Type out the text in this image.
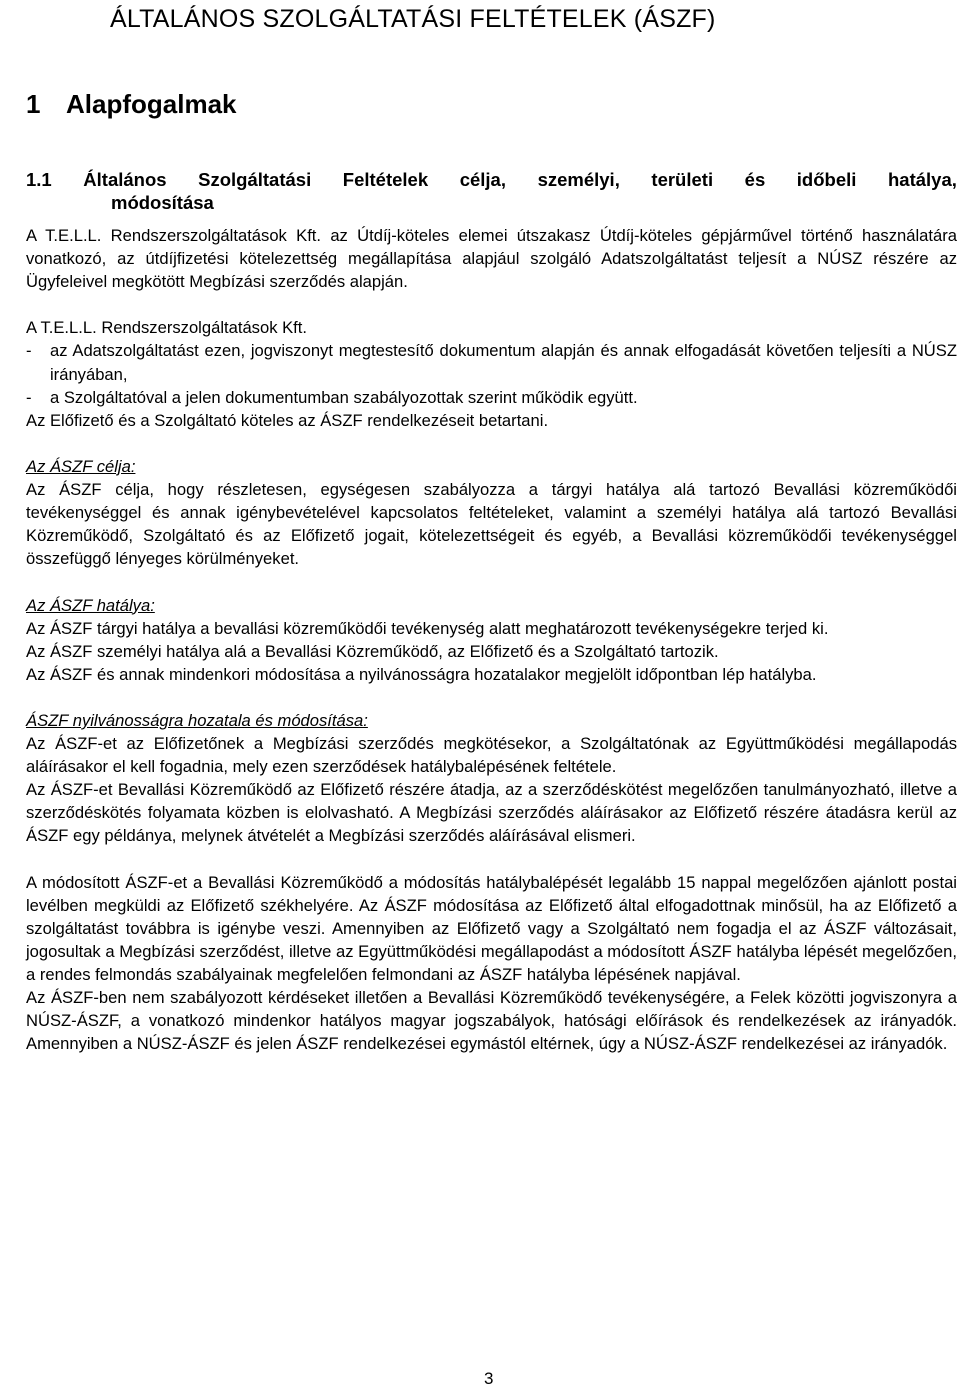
ÁLTALÁNOS SZOLGÁLTATÁSI FELTÉTELEK (ÁSZF)
1 Alapfogalmak
1.1 Általános Szolgáltatási Feltételek célja, személyi, területi és időbeli hatálya,
módosítása

A T.E.L.L. Rendszerszolgáltatások Kft. az Útdíj-köteles elemei útszakasz Útdíj-köteles gépjárművel történő használatára vonatkozó, az útdíjfizetési kötelezettség megállapítása alapjául szolgáló Adatszolgáltatást teljesít a NÚSZ részére az Ügyfeleivel megkötött Megbízási szerződés alapján.

A T.E.L.L. Rendszerszolgáltatások Kft.

-	az Adatszolgáltatást ezen, jogviszonyt megtestesítő dokumentum alapján és annak elfogadását követően teljesíti a NÚSZ irányában,
-	a Szolgáltatóval a jelen dokumentumban szabályozottak szerint működik együtt.

Az Előfizető és a Szolgáltató köteles az ÁSZF rendelkezéseit betartani.

Az ÁSZF célja:

Az ÁSZF célja, hogy részletesen, egységesen szabályozza a tárgyi hatálya alá tartozó Bevallási közreműködői tevékenységgel és annak igénybevételével kapcsolatos feltételeket, valamint a személyi hatálya alá tartozó Bevallási Közreműködő, Szolgáltató és az Előfizető jogait, kötelezettségeit és egyéb, a Bevallási közreműködői tevékenységgel összefüggő lényeges körülményeket.

Az ÁSZF hatálya:

Az ÁSZF tárgyi hatálya a bevallási közreműködői tevékenység alatt meghatározott tevékenységekre terjed ki.

Az ÁSZF személyi hatálya alá a Bevallási Közreműködő, az Előfizető és a Szolgáltató tartozik.

Az ÁSZF és annak mindenkori módosítása a nyilvánosságra hozatalakor megjelölt időpontban lép hatályba.

ÁSZF nyilvánosságra hozatala és módosítása:

Az ÁSZF-et az Előfizetőnek a Megbízási szerződés megkötésekor, a Szolgáltatónak az Együttműködési megállapodás aláírásakor el kell fogadnia, mely ezen szerződések hatálybalépésének feltétele.

Az ÁSZF-et Bevallási Közreműködő az Előfizető részére átadja, az a szerződéskötést megelőzően tanulmányozható, illetve a szerződéskötés folyamata közben is elolvasható. A Megbízási szerződés aláírásakor az Előfizető részére átadásra kerül az ÁSZF egy példánya, melynek átvételét a Megbízási szerződés aláírásával elismeri.

A módosított ÁSZF-et a Bevallási Közreműködő a módosítás hatálybalépését legalább 15 nappal megelőzően ajánlott postai levélben megküldi az Előfizető székhelyére. Az ÁSZF módosítása az Előfizető által elfogadottnak minősül, ha az Előfizető a szolgáltatást továbbra is igénybe veszi. Amennyiben az Előfizető vagy a Szolgáltató nem fogadja el az ÁSZF változásait, jogosultak a Megbízási szerződést, illetve az Együttműködési megállapodást a módosított ÁSZF hatályba lépését megelőzően, a rendes felmondás szabályainak megfelelően felmondani az ÁSZF hatályba lépésének napjával.

Az ÁSZF-ben nem szabályozott kérdéseket illetően a Bevallási Közreműködő tevékenységére, a Felek közötti jogviszonyra a NÚSZ-ÁSZF, a vonatkozó mindenkor hatályos magyar jogszabályok, hatósági előírások és rendelkezések az irányadók. Amennyiben a NÚSZ-ÁSZF és jelen ÁSZF rendelkezései egymástól eltérnek, úgy a NÚSZ-ÁSZF rendelkezései az irányadók.

3
